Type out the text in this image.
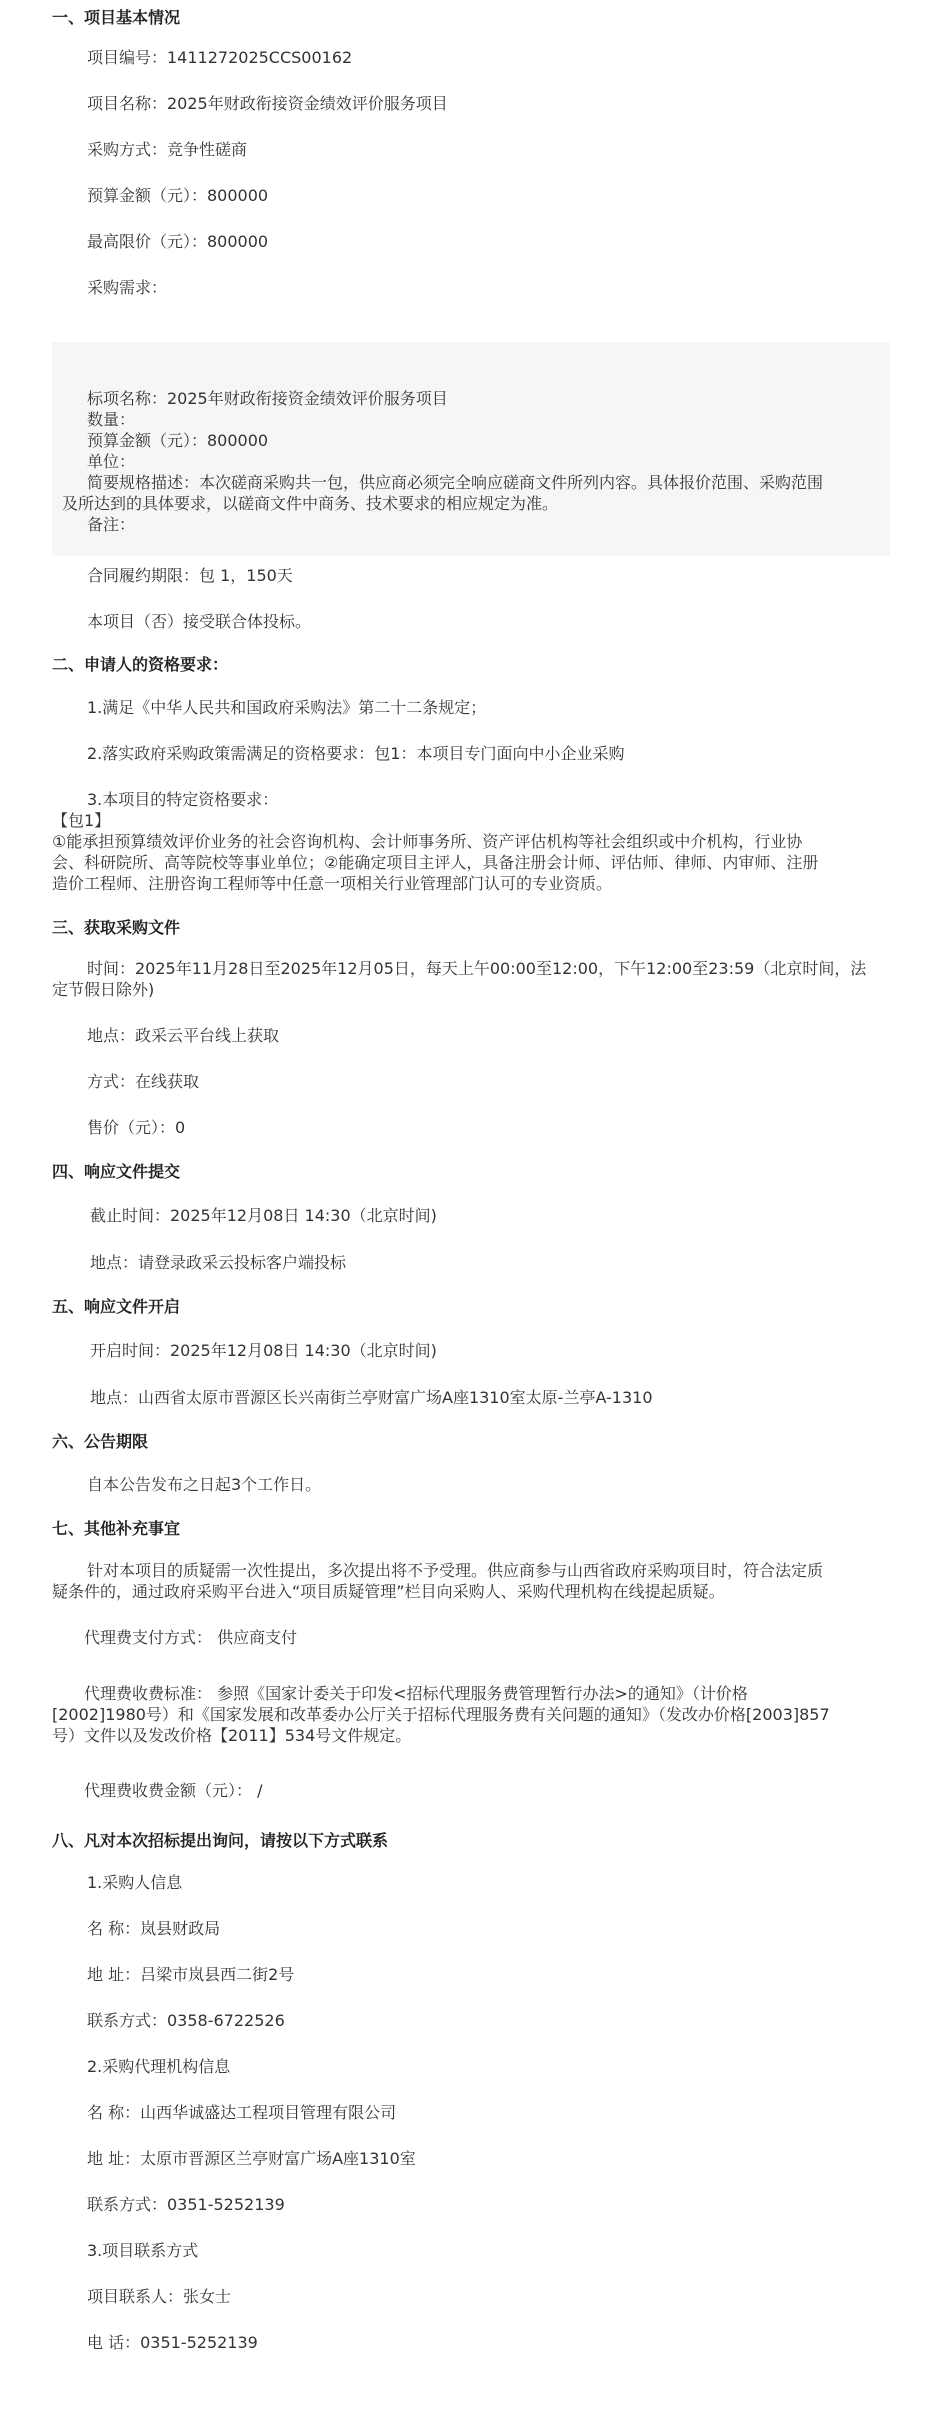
一、项目基本情况
项目编号：1411272025CCS00162
项目名称：2025年财政衔接资金绩效评价服务项目
采购方式：竞争性磋商
预算金额（元）：800000
最高限价（元）：800000
采购需求：
标项名称：2025年财政衔接资金绩效评价服务项目
数量：
预算金额（元）：800000
单位：
简要规格描述：本次磋商采购共一包，供应商必须完全响应磋商文件所列内容。具体报价范围、采购范围
及所达到的具体要求，以磋商文件中商务、技术要求的相应规定为准。
备注：
合同履约期限：包 1，150天
本项目（否）接受联合体投标。
二、申请人的资格要求：
1.满足《中华人民共和国政府采购法》第二十二条规定；
2.落实政府采购政策需满足的资格要求：包1：本项目专门面向中小企业采购
3.本项目的特定资格要求：
【包1】
①能承担预算绩效评价业务的社会咨询机构、会计师事务所、资产评估机构等社会组织或中介机构，行业协
会、科研院所、高等院校等事业单位；②能确定项目主评人，具备注册会计师、评估师、律师、内审师、注册
造价工程师、注册咨询工程师等中任意一项相关行业管理部门认可的专业资质。
三、获取采购文件
时间：2025年11月28日至2025年12月05日，每天上午00:00至12:00，下午12:00至23:59（北京时间，法
定节假日除外)
地点：政采云平台线上获取
方式：在线获取
售价（元）：0
四、响应文件提交
截止时间：2025年12月08日 14:30（北京时间)
地点：请登录政采云投标客户端投标
五、响应文件开启
开启时间：2025年12月08日 14:30（北京时间)
地点：山西省太原市晋源区长兴南街兰亭财富广场A座1310室太原-兰亭A-1310
六、公告期限
自本公告发布之日起3个工作日。
七、其他补充事宜
针对本项目的质疑需一次性提出，多次提出将不予受理。供应商参与山西省政府采购项目时，符合法定质
疑条件的，通过政府采购平台进入“项目质疑管理”栏目向采购人、采购代理机构在线提起质疑。
代理费支付方式： 供应商支付
代理费收费标准： 参照《国家计委关于印发<招标代理服务费管理暂行办法>的通知》（计价格
[2002]1980号）和《国家发展和改革委办公厅关于招标代理服务费有关问题的通知》（发改办价格[2003]857
号）文件以及发改价格【2011】534号文件规定。
代理费收费金额（元）： /
八、凡对本次招标提出询问，请按以下方式联系
1.采购人信息
名 称：岚县财政局
地 址：吕梁市岚县西二街2号
联系方式：0358-6722526
2.采购代理机构信息
名 称：山西华诚盛达工程项目管理有限公司
地 址：太原市晋源区兰亭财富广场A座1310室
联系方式：0351-5252139
3.项目联系方式
项目联系人：张女士
电 话：0351-5252139
